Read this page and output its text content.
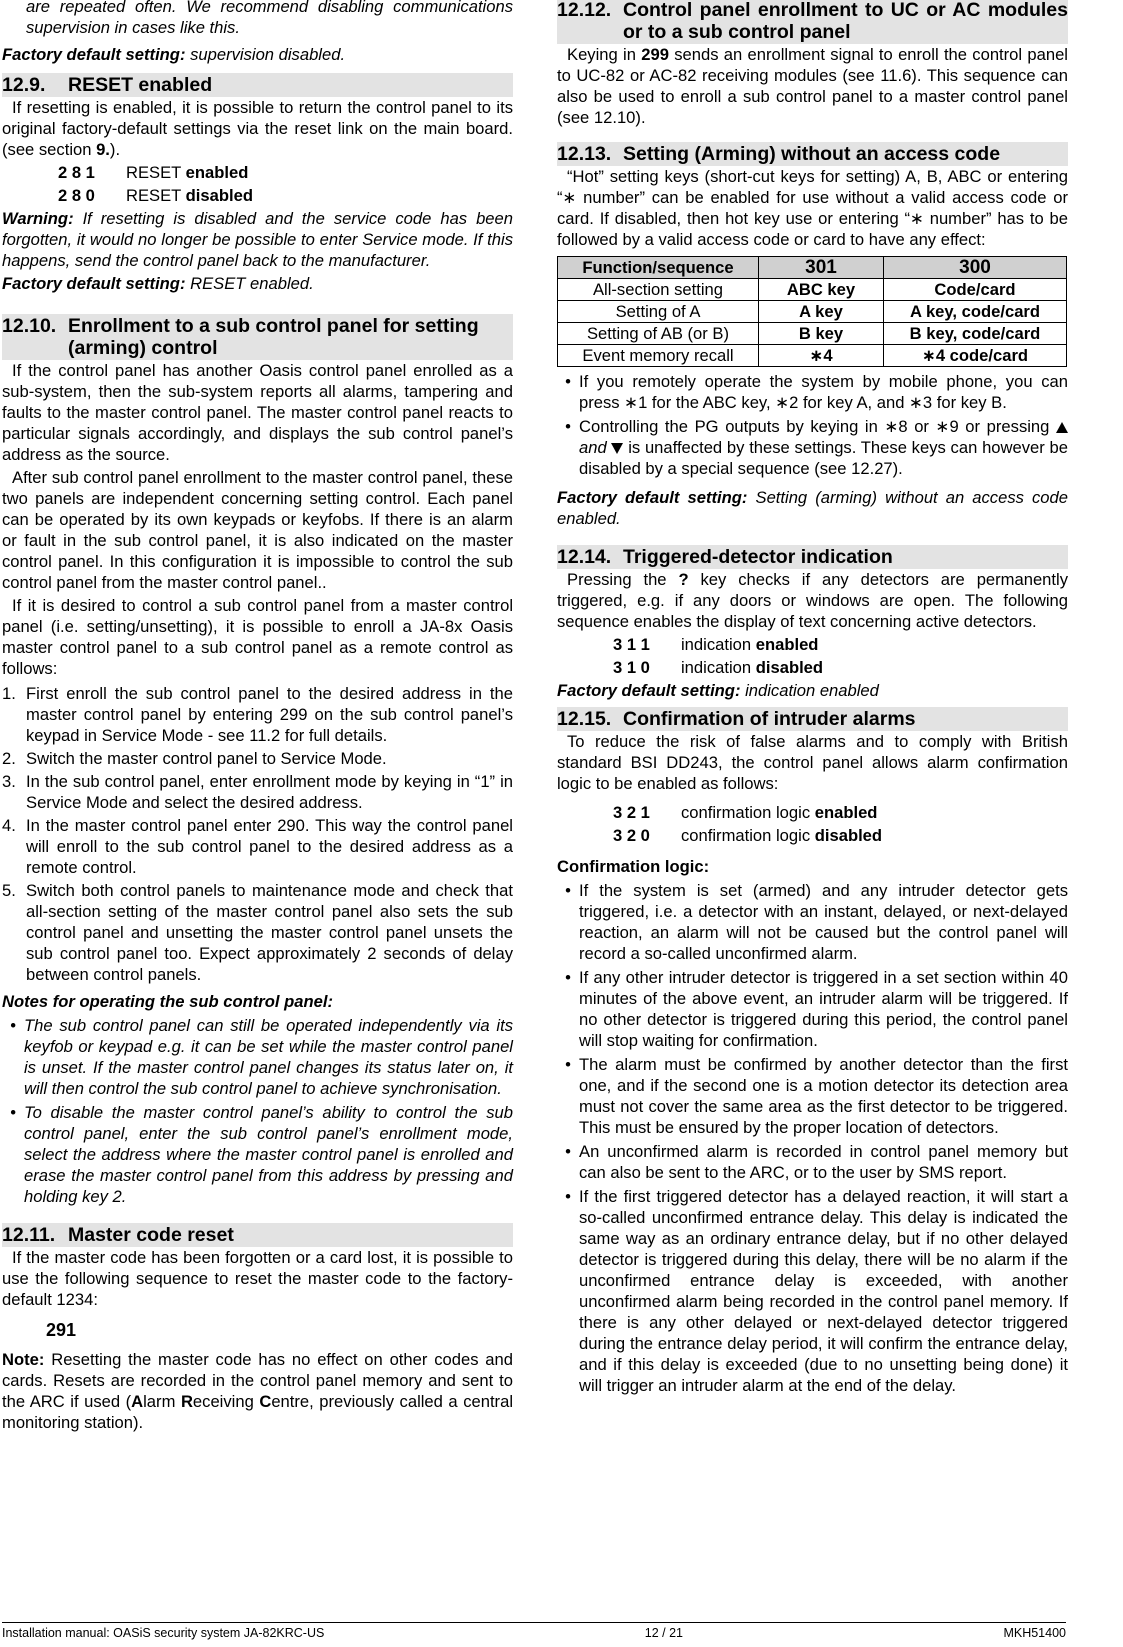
are repeated often. We recommend disabling communications supervision in cases like this.

Factory default setting: supervision disabled.

12.9.	RESET enabled

If resetting is enabled, it is possible to return the control panel to its original factory-default settings via the reset link on the main board. (see section 9.).

2 8 1	RESET enabled
2 8 0	RESET disabled

Warning: If resetting is disabled and the service code has been forgotten, it would no longer be possible to enter Service mode. If this happens, send the control panel back to the manufacturer.

Factory default setting: RESET enabled.

12.10. Enrollment to a sub control panel for setting (arming) control

If the control panel has another Oasis control panel enrolled as a sub-system, then the sub-system reports all alarms, tampering and faults to the master control panel. The master control panel reacts to particular signals accordingly, and displays the sub control panel’s address as the source.

After sub control panel enrollment to the master control panel, these two panels are independent concerning setting control. Each panel can be operated by its own keypads or keyfobs. If there is an alarm or fault in the sub control panel, it is also indicated on the master control panel. In this configuration it is impossible to control the sub control panel from the master control panel..

If it is desired to control a sub control panel from a master control panel (i.e. setting/unsetting), it is possible to enroll a JA-8x Oasis master control panel to a sub control panel as a remote control as follows:

1. First enroll the sub control panel to the desired address in the master control panel by entering 299 on the sub control panel’s keypad in Service Mode - see 11.2 for full details.
2. Switch the master control panel to Service Mode.
3. In the sub control panel, enter enrollment mode by keying in “1” in Service Mode and select the desired address.
4. In the master control panel enter 290. This way the control panel will enroll to the sub control panel to the desired address as a remote control.
5. Switch both control panels to maintenance mode and check that all-section setting of the master control panel also sets the sub control panel and unsetting the master control panel unsets the sub control panel too. Expect approximately 2 seconds of delay between control panels.

Notes for operating the sub control panel:

• The sub control panel can still be operated independently via its keyfob or keypad e.g. it can be set while the master control panel is unset. If the master control panel changes its status later on, it will then control the sub control panel to achieve synchronisation.
• To disable the master control panel’s ability to control the sub control panel, enter the sub control panel’s enrollment mode, select the address where the master control panel is enrolled and erase the master control panel from this address by pressing and holding key 2.
12.11. Master code reset

If the master code has been forgotten or a card lost, it is possible to use the following sequence to reset the master code to the factory-default 1234:

291

Note: Resetting the master code has no effect on other codes and cards. Resets are recorded in the control panel memory and sent to the ARC if used (Alarm Receiving Centre, previously called a central monitoring station).

12.12. Control panel enrollment to UC or AC modules or to a sub control panel

Keying in 299 sends an enrollment signal to enroll the control panel to UC-82 or AC-82 receiving modules (see 11.6). This sequence can also be used to enroll a sub control panel to a master control panel (see 12.10).

12.13. Setting (Arming) without an access code

“Hot” setting keys (short-cut keys for setting) A, B, ABC or entering “∗ number” can be enabled for use without a valid access code or card. If disabled, then hot key use or entering “∗ number” has to be followed by a valid access code or card to have any effect:

Function/sequence	301	300
All-section setting	ABC key	Code/card
Setting of A	A key	A key, code/card
Setting of AB (or B)	B key	B key, code/card
Event memory recall	∗4	∗4 code/card
• If you remotely operate the system by mobile phone, you can press ∗1 for the ABC key, ∗2 for key A, and ∗3 for key B.
• Controlling the PG outputs by keying in ∗8 or ∗9 or pressing  and  is unaffected by these settings. These keys can however be disabled by a special sequence (see 12.27).

Factory default setting: Setting (arming) without an access code enabled.

12.14. Triggered-detector indication

Pressing the ? key checks if any detectors are permanently triggered, e.g. if any doors or windows are open. The following sequence enables the display of text concerning active detectors.

3 1 1	indication enabled
3 1 0	indication disabled

Factory default setting: indication enabled

12.15. Confirmation of intruder alarms

To reduce the risk of false alarms and to comply with British standard BSI DD243, the control panel allows alarm confirmation logic to be enabled as follows:

3 2 1	confirmation logic enabled
3 2 0	confirmation logic disabled

Confirmation logic:

• If the system is set (armed) and any intruder detector gets triggered, i.e. a detector with an instant, delayed, or next-delayed reaction, an alarm will not be caused but the control panel will record a so-called unconfirmed alarm.
• If any other intruder detector is triggered in a set section within 40 minutes of the above event, an intruder alarm will be triggered. If no other detector is triggered during this period, the control panel will stop waiting for confirmation.
• The alarm must be confirmed by another detector than the first one, and if the second one is a motion detector its detection area must not cover the same area as the first detector to be triggered. This must be ensured by the proper location of detectors.
• An unconfirmed alarm is recorded in control panel memory but can also be sent to the ARC, or to the user by SMS report.
• If the first triggered detector has a delayed reaction, it will start a so-called unconfirmed entrance delay. This delay is indicated the same way as an ordinary entrance delay, but if no other delayed detector is triggered during this delay, there will be no alarm if the unconfirmed entrance delay is exceeded, with another unconfirmed alarm being recorded in the control panel memory. If there is any other delayed or next-delayed detector triggered during the entrance delay period, it will confirm the entrance delay, and if this delay is exceeded (due to no unsetting being done) it will trigger an intruder alarm at the end of the delay.
Installation manual: OASiS security system JA-82KRC-US	12 / 21	MKH51400
